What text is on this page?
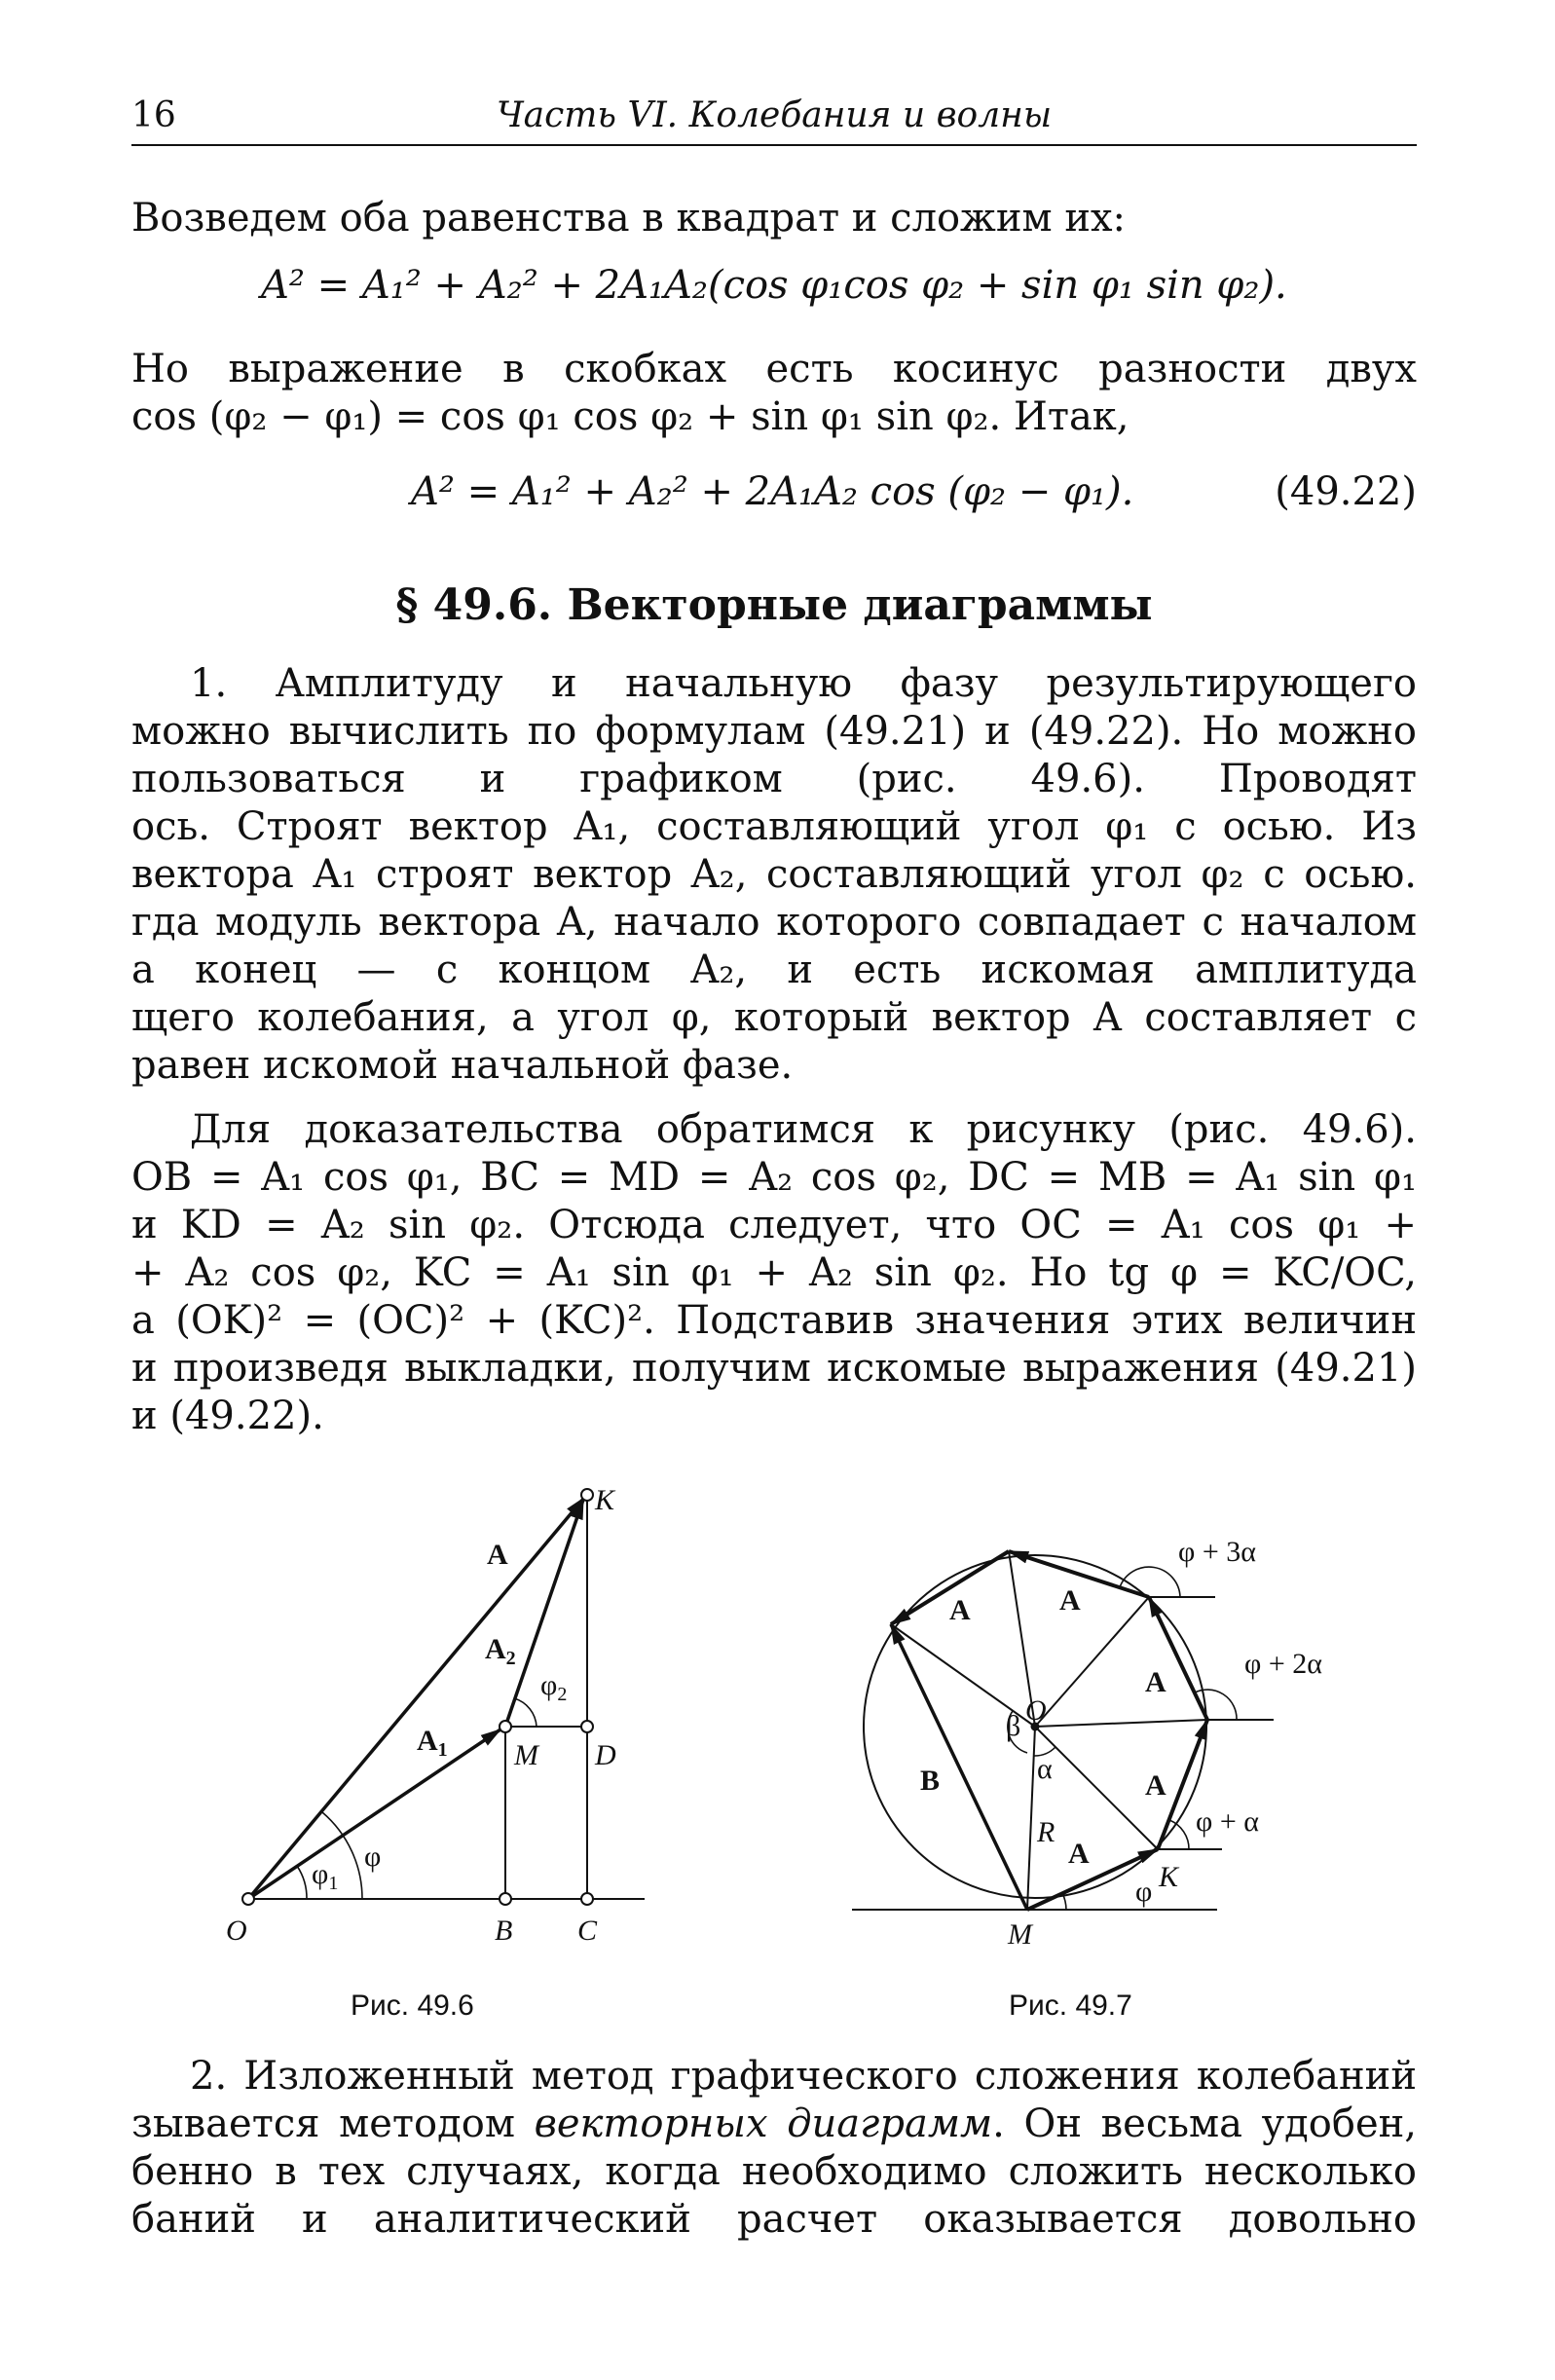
16	Часть VI. Колебания и волны
Возведем оба равенства в квадрат и сложим их:
A² = A₁² + A₂² + 2A₁A₂(cos φ₁cos φ₂ + sin φ₁ sin φ₂).
Но выражение в скобках есть косинус разности двух
cos (φ₂ − φ₁) = cos φ₁ cos φ₂ + sin φ₁ sin φ₂. Итак,
A² = A₁² + A₂² + 2A₁A₂ cos (φ₂ − φ₁).	(49.22)
§ 49.6. Векторные диаграммы
1. Амплитуду и начальную фазу результирующего
можно вычислить по формулам (49.21) и (49.22). Но можно
пользоваться и графиком (рис. 49.6). Проводят
ось. Строят вектор A₁, составляющий угол φ₁ с осью. Из
вектора A₁ строят вектор A₂, составляющий угол φ₂ с осью.
гда модуль вектора A, начало которого совпадает с началом
а конец — с концом A₂, и есть искомая амплитуда
щего колебания, а угол φ, который вектор A составляет с
равен искомой начальной фазе.
Для доказательства обратимся к рисунку (рис. 49.6).
OB = A₁ cos φ₁, BC = MD = A₂ cos φ₂, DC = MB = A₁ sin φ₁
и KD = A₂ sin φ₂. Отсюда следует, что OC = A₁ cos φ₁ +
+ A₂ cos φ₂, KC = A₁ sin φ₁ + A₂ sin φ₂. Но tg φ = KC/OC,
а (OK)² = (OC)² + (KC)². Подставив значения этих величин
и произведя выкладки, получим искомые выражения (49.21)
и (49.22).
K
A
$A_2$
$\varphi_2$
$A_1$ M D
φ
$\varphi_1$
O	B C
φ + 3α
φ + 2α
φ + α
A	A
A
A
A
β O
α
B
R
φ K
M
Рис. 49.6	Рис. 49.7
2. Изложенный метод графического сложения колебаний
зывается методом векторных диаграмм. Он весьма удобен,
бенно в тех случаях, когда необходимо сложить несколько
баний и аналитический расчет оказывается довольно
